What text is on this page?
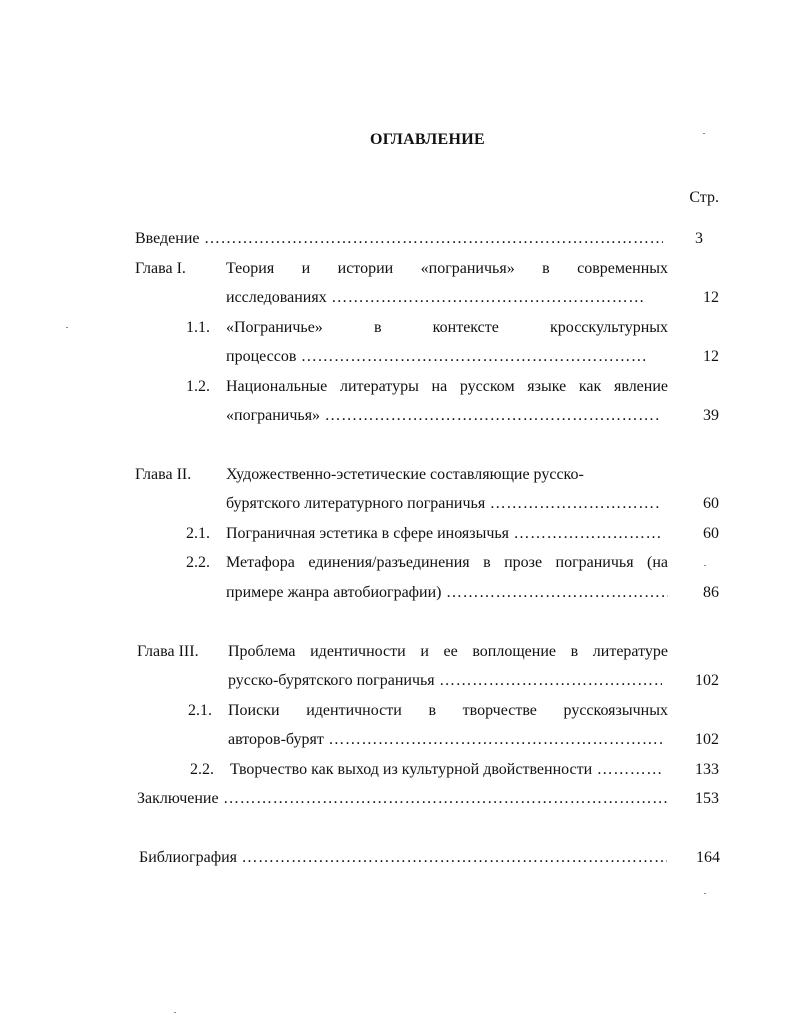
ОГЛАВЛЕНИЕ
Стр.
Введение ……………………………………………………………………………………………………………………………………………	3
Глава I.	Теория и истории «пограничья» в современных
исследованиях ……………………………………………………………………………………………………………………………………………	12
1.1. «Пограничье»	в	контексте	кросскультурных
процессов ……………………………………………………………………………………………………………………………………………	12
1.2. Национальные литературы на русском языке как явление
«пограничья» ……………………………………………………………………………………………………………………………………………	39
Глава II. Художественно-эстетические составляющие русско-
бурятского литературного пограничья ……………………………………………………………………………………………………………………………………………	60
2.1. Пограничная эстетика в сфере иноязычья ……………………………………………………………………………………………………………………………………………	60
2.2. Метафора единения/разъединения в прозе пограничья (на
примере жанра автобиографии) ……………………………………………………………………………………………………………………………………………	86
Глава III. Проблема идентичности и ее воплощение в литературе
русско-бурятского пограничья ……………………………………………………………………………………………………………………………………………	102
2.1. Поиски идентичности в творчестве русскоязычных
авторов-бурят ……………………………………………………………………………………………………………………………………………	102
2.2. Творчество как выход из культурной двойственности ……………………………………………………………………………………………………………………………………………	133
Заключение ……………………………………………………………………………………………………………………………………………	153
Библиография ……………………………………………………………………………………………………………………………………………	164
